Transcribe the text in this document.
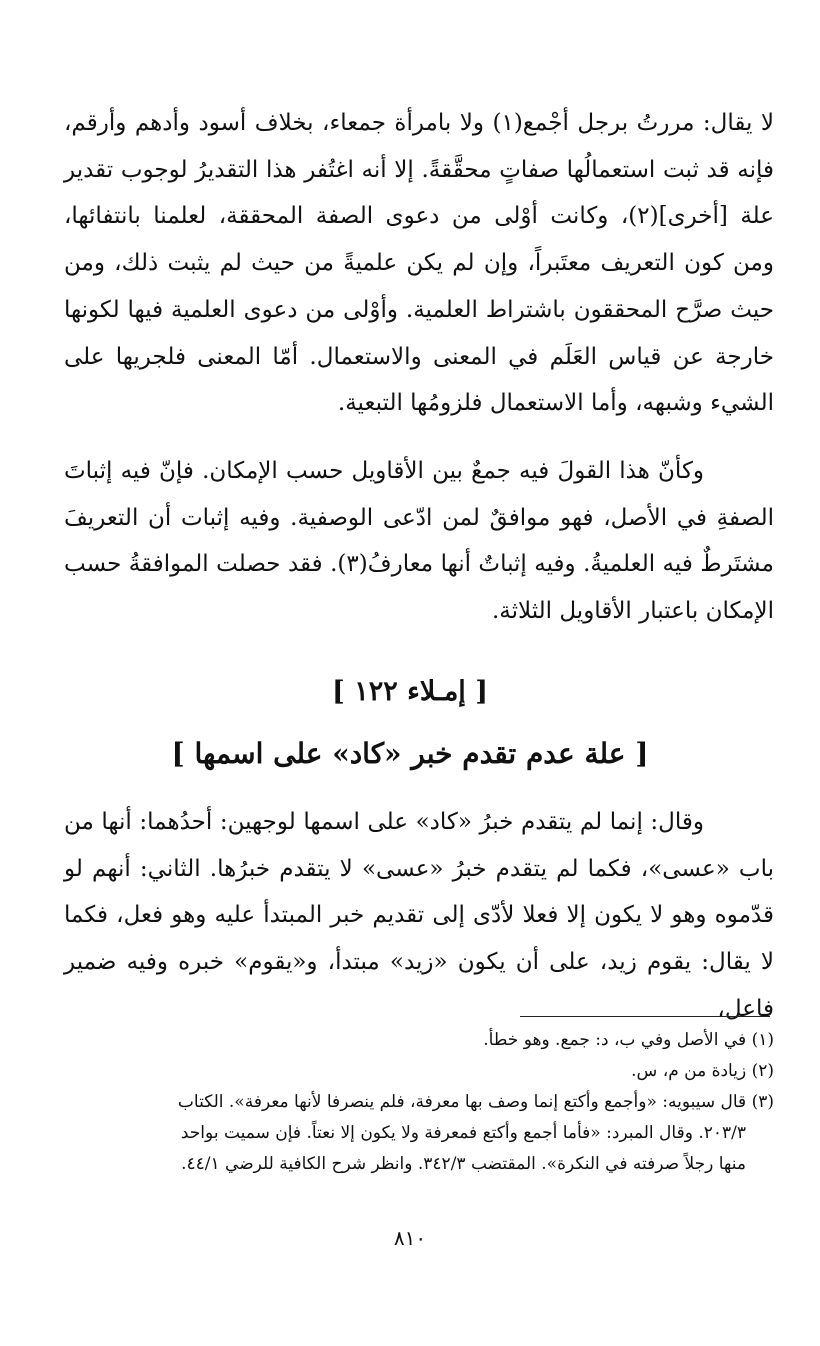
لا يقال: مررتُ برجل أجْمع(١) ولا بامرأة جمعاء، بخلاف أسود وأدهم وأرقم، فإنه قد ثبت استعمالُها صفاتٍ محقَّقةً. إلا أنه اغتُفر هذا التقديرُ لوجوب تقدير علة [أخرى](٢)، وكانت أوْلى من دعوى الصفة المحققة، لعلمنا بانتفائها، ومن كون التعريف معتَبراً، وإن لم يكن علميةً من حيث لم يثبت ذلك، ومن حيث صرَّح المحققون باشتراط العلمية. وأوْلى من دعوى العلمية فيها لكونها خارجة عن قياس العَلَم في المعنى والاستعمال. أمّا المعنى فلجريها على الشيء وشبهه، وأما الاستعمال فلزومُها التبعية.

وكأنّ هذا القولَ فيه جمعٌ بين الأقاويل حسب الإمكان. فإنّ فيه إثباتَ الصفةِ في الأصل، فهو موافقٌ لمن ادّعى الوصفية. وفيه إثبات أن التعريفَ مشتَرطٌ فيه العلميةُ. وفيه إثباتٌ أنها معارفُ(٣). فقد حصلت الموافقةُ حسب الإمكان باعتبار الأقاويل الثلاثة.

[ إمـلاء ١٢٢ ]
[ علة عدم تقدم خبر «كاد» على اسمها ]

وقال: إنما لم يتقدم خبرُ «كاد» على اسمها لوجهين: أحدُهما: أنها من باب «عسى»، فكما لم يتقدم خبرُ «عسى» لا يتقدم خبرُها. الثاني: أنهم لو قدّموه وهو لا يكون إلا فعلا لأدّى إلى تقديم خبر المبتدأ عليه وهو فعل، فكما لا يقال: يقوم زيد، على أن يكون «زيد» مبتدأ، و«يقوم» خبره وفيه ضمير فاعل،

(١) في الأصل وفي ب، د: جمع. وهو خطأ.

(٢) زيادة من م، س.

(٣) قال سيبويه: «وأجمع وأكتع إنما وصف بها معرفة، فلم ينصرفا لأنها معرفة». الكتاب

٢٠٣/٣. وقال المبرد: «فأما أجمع وأكتع فمعرفة ولا يكون إلا نعتاً. فإن سميت بواحد

منها رجلاً صرفته في النكرة». المقتضب ٣٤٢/٣. وانظر شرح الكافية للرضي ٤٤/١.

٨١٠
